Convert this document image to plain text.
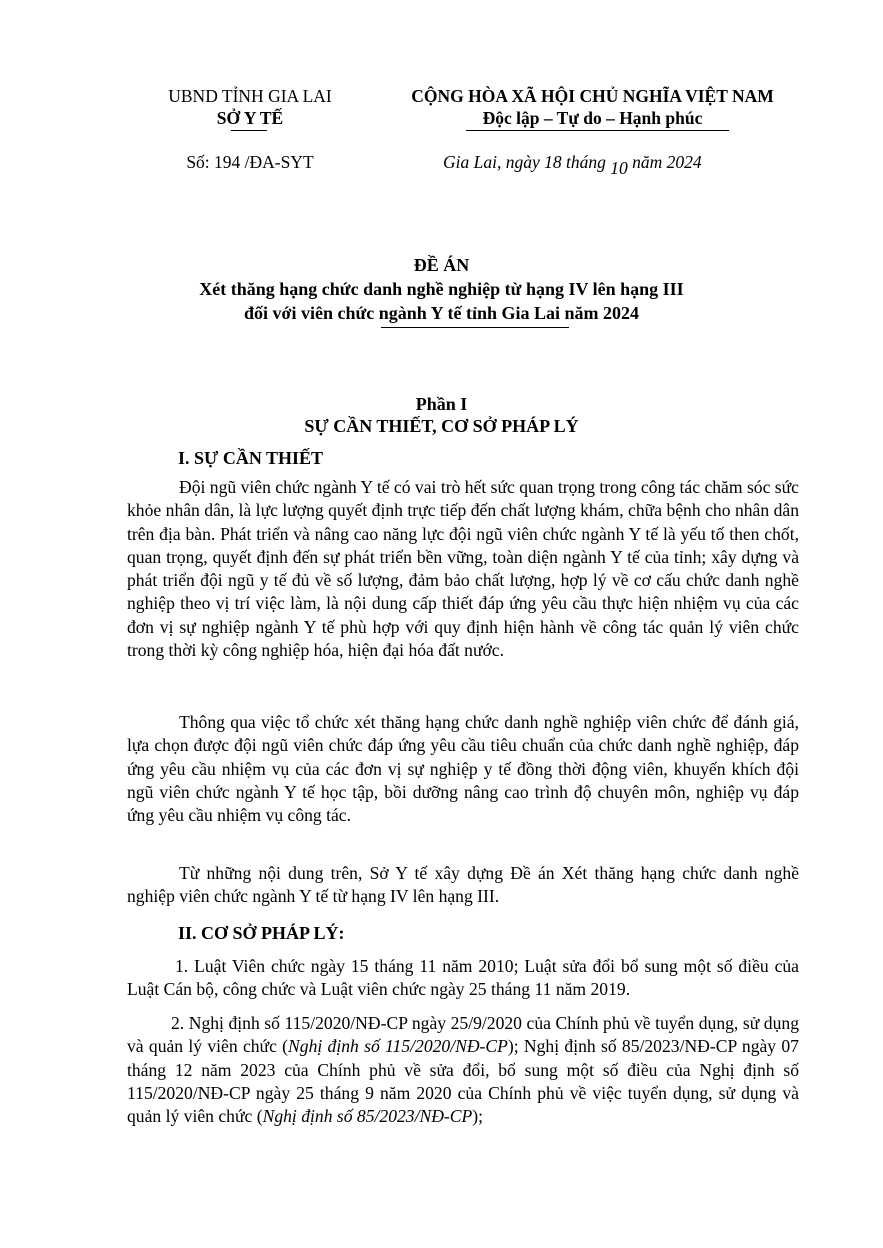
UBND TỈNH GIA LAI
SỞ Y TẾ
Số: 194 /ĐA-SYT
CỘNG HÒA XÃ HỘI CHỦ NGHĨA VIỆT NAM
Độc lập – Tự do – Hạnh phúc
Gia Lai, ngày 18 tháng 10 năm 2024
ĐỀ ÁN
Xét thăng hạng chức danh nghề nghiệp từ hạng IV lên hạng III
đối với viên chức ngành Y tế tỉnh Gia Lai năm 2024
Phần I
SỰ CẦN THIẾT, CƠ SỞ PHÁP LÝ
I. SỰ CẦN THIẾT

Đội ngũ viên chức ngành Y tế có vai trò hết sức quan trọng trong công tác chăm sóc sức khỏe nhân dân, là lực lượng quyết định trực tiếp đến chất lượng khám, chữa bệnh cho nhân dân trên địa bàn. Phát triển và nâng cao năng lực đội ngũ viên chức ngành Y tế là yếu tố then chốt, quan trọng, quyết định đến sự phát triển bền vững, toàn diện ngành Y tế của tỉnh; xây dựng và phát triển đội ngũ y tế đủ về số lượng, đảm bảo chất lượng, hợp lý về cơ cấu chức danh nghề nghiệp theo vị trí việc làm, là nội dung cấp thiết đáp ứng yêu cầu thực hiện nhiệm vụ của các đơn vị sự nghiệp ngành Y tế phù hợp với quy định hiện hành về công tác quản lý viên chức trong thời kỳ công nghiệp hóa, hiện đại hóa đất nước.

Thông qua việc tổ chức xét thăng hạng chức danh nghề nghiệp viên chức để đánh giá, lựa chọn được đội ngũ viên chức đáp ứng yêu cầu tiêu chuẩn của chức danh nghề nghiệp, đáp ứng yêu cầu nhiệm vụ của các đơn vị sự nghiệp y tế đồng thời động viên, khuyến khích đội ngũ viên chức ngành Y tế học tập, bồi dưỡng nâng cao trình độ chuyên môn, nghiệp vụ đáp ứng yêu cầu nhiệm vụ công tác.

Từ những nội dung trên, Sở Y tế xây dựng Đề án Xét thăng hạng chức danh nghề nghiệp viên chức ngành Y tế từ hạng IV lên hạng III.

II. CƠ SỞ PHÁP LÝ:

1. Luật Viên chức ngày 15 tháng 11 năm 2010; Luật sửa đổi bổ sung một số điều của Luật Cán bộ, công chức và Luật viên chức ngày 25 tháng 11 năm 2019.

2. Nghị định số 115/2020/NĐ-CP ngày 25/9/2020 của Chính phủ về tuyển dụng, sử dụng và quản lý viên chức (Nghị định số 115/2020/NĐ-CP); Nghị định số 85/2023/NĐ-CP ngày 07 tháng 12 năm 2023 của Chính phủ về sửa đổi, bổ sung một số điều của Nghị định số 115/2020/NĐ-CP ngày 25 tháng 9 năm 2020 của Chính phủ về việc tuyển dụng, sử dụng và quản lý viên chức (Nghị định số 85/2023/NĐ-CP);
